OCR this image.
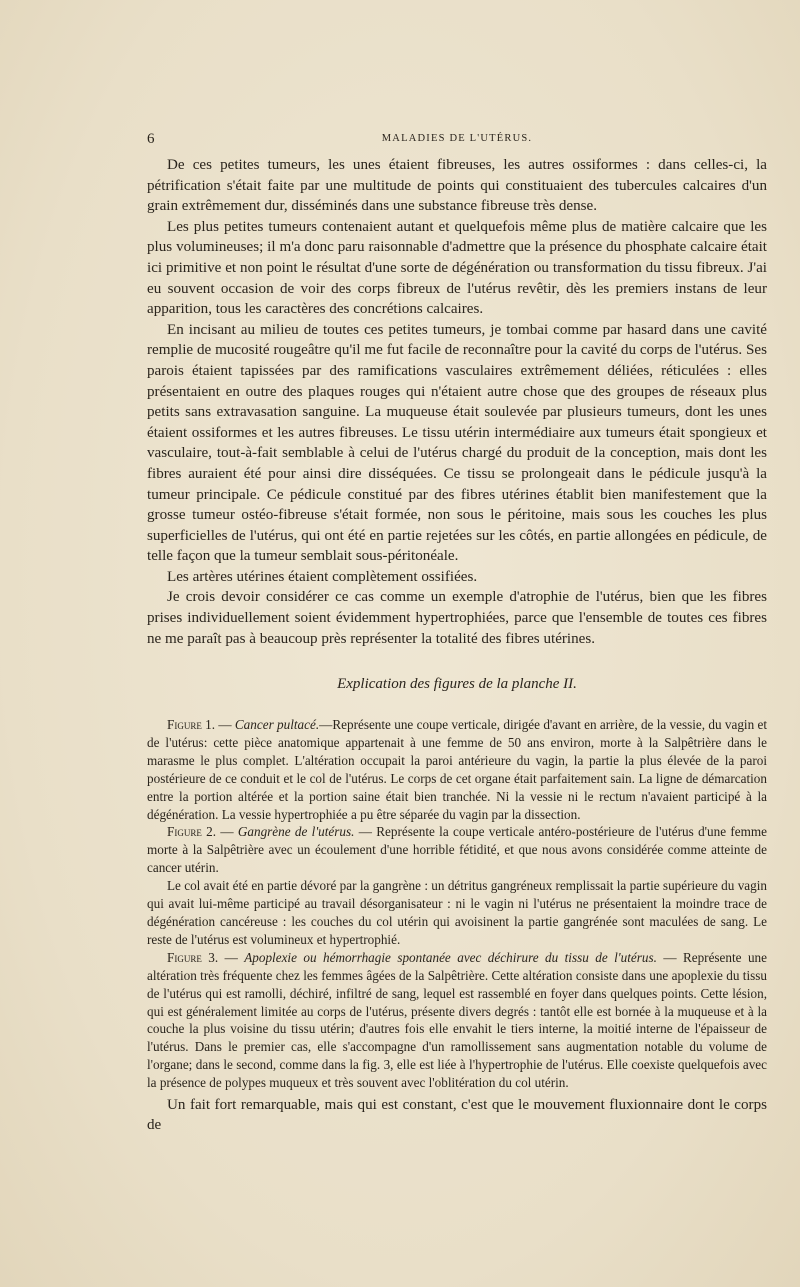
6	MALADIES DE L'UTÉRUS.

De ces petites tumeurs, les unes étaient fibreuses, les autres ossiformes : dans celles-ci, la pétrification s'était faite par une multitude de points qui constituaient des tubercules calcaires d'un grain extrêmement dur, disséminés dans une substance fibreuse très dense.

Les plus petites tumeurs contenaient autant et quelquefois même plus de matière calcaire que les plus volumineuses; il m'a donc paru raisonnable d'admettre que la présence du phosphate calcaire était ici primitive et non point le résultat d'une sorte de dégénération ou transformation du tissu fibreux. J'ai eu souvent occasion de voir des corps fibreux de l'utérus revêtir, dès les premiers instans de leur apparition, tous les caractères des concrétions calcaires.

En incisant au milieu de toutes ces petites tumeurs, je tombai comme par hasard dans une cavité remplie de mucosité rougeâtre qu'il me fut facile de reconnaître pour la cavité du corps de l'utérus. Ses parois étaient tapissées par des ramifications vasculaires extrêmement déliées, réticulées : elles présentaient en outre des plaques rouges qui n'étaient autre chose que des groupes de réseaux plus petits sans extravasation sanguine. La muqueuse était soulevée par plusieurs tumeurs, dont les unes étaient ossiformes et les autres fibreuses. Le tissu utérin intermédiaire aux tumeurs était spongieux et vasculaire, tout-à-fait semblable à celui de l'utérus chargé du produit de la conception, mais dont les fibres auraient été pour ainsi dire disséquées. Ce tissu se prolongeait dans le pédicule jusqu'à la tumeur principale. Ce pédicule constitué par des fibres utérines établit bien manifestement que la grosse tumeur ostéo-fibreuse s'était formée, non sous le péritoine, mais sous les couches les plus superficielles de l'utérus, qui ont été en partie rejetées sur les côtés, en partie allongées en pédicule, de telle façon que la tumeur semblait sous-péritonéale.

Les artères utérines étaient complètement ossifiées.

Je crois devoir considérer ce cas comme un exemple d'atrophie de l'utérus, bien que les fibres prises individuellement soient évidemment hypertrophiées, parce que l'ensemble de toutes ces fibres ne me paraît pas à beaucoup près représenter la totalité des fibres utérines.

Explication des figures de la planche II.

Figure 1. — Cancer pultacé.—Représente une coupe verticale, dirigée d'avant en arrière, de la vessie, du vagin et de l'utérus: cette pièce anatomique appartenait à une femme de 50 ans environ, morte à la Salpêtrière dans le marasme le plus complet. L'altération occupait la paroi antérieure du vagin, la partie la plus élevée de la paroi postérieure de ce conduit et le col de l'utérus. Le corps de cet organe était parfaitement sain. La ligne de démarcation entre la portion altérée et la portion saine était bien tranchée. Ni la vessie ni le rectum n'avaient participé à la dégénération. La vessie hypertrophiée a pu être séparée du vagin par la dissection.

Figure 2. — Gangrène de l'utérus. — Représente la coupe verticale antéro-postérieure de l'utérus d'une femme morte à la Salpêtrière avec un écoulement d'une horrible fétidité, et que nous avons considérée comme atteinte de cancer utérin.

Le col avait été en partie dévoré par la gangrène : un détritus gangréneux remplissait la partie supérieure du vagin qui avait lui-même participé au travail désorganisateur : ni le vagin ni l'utérus ne présentaient la moindre trace de dégénération cancéreuse : les couches du col utérin qui avoisinent la partie gangrénée sont maculées de sang. Le reste de l'utérus est volumineux et hypertrophié.

Figure 3. — Apoplexie ou hémorrhagie spontanée avec déchirure du tissu de l'utérus. — Représente une altération très fréquente chez les femmes âgées de la Salpêtrière. Cette altération consiste dans une apoplexie du tissu de l'utérus qui est ramolli, déchiré, infiltré de sang, lequel est rassemblé en foyer dans quelques points. Cette lésion, qui est généralement limitée au corps de l'utérus, présente divers degrés : tantôt elle est bornée à la muqueuse et à la couche la plus voisine du tissu utérin; d'autres fois elle envahit le tiers interne, la moitié interne de l'épaisseur de l'utérus. Dans le premier cas, elle s'accompagne d'un ramollissement sans augmentation notable du volume de l'organe; dans le second, comme dans la fig. 3, elle est liée à l'hypertrophie de l'utérus. Elle coexiste quelquefois avec la présence de polypes muqueux et très souvent avec l'oblitération du col utérin.

Un fait fort remarquable, mais qui est constant, c'est que le mouvement fluxionnaire dont le corps de
